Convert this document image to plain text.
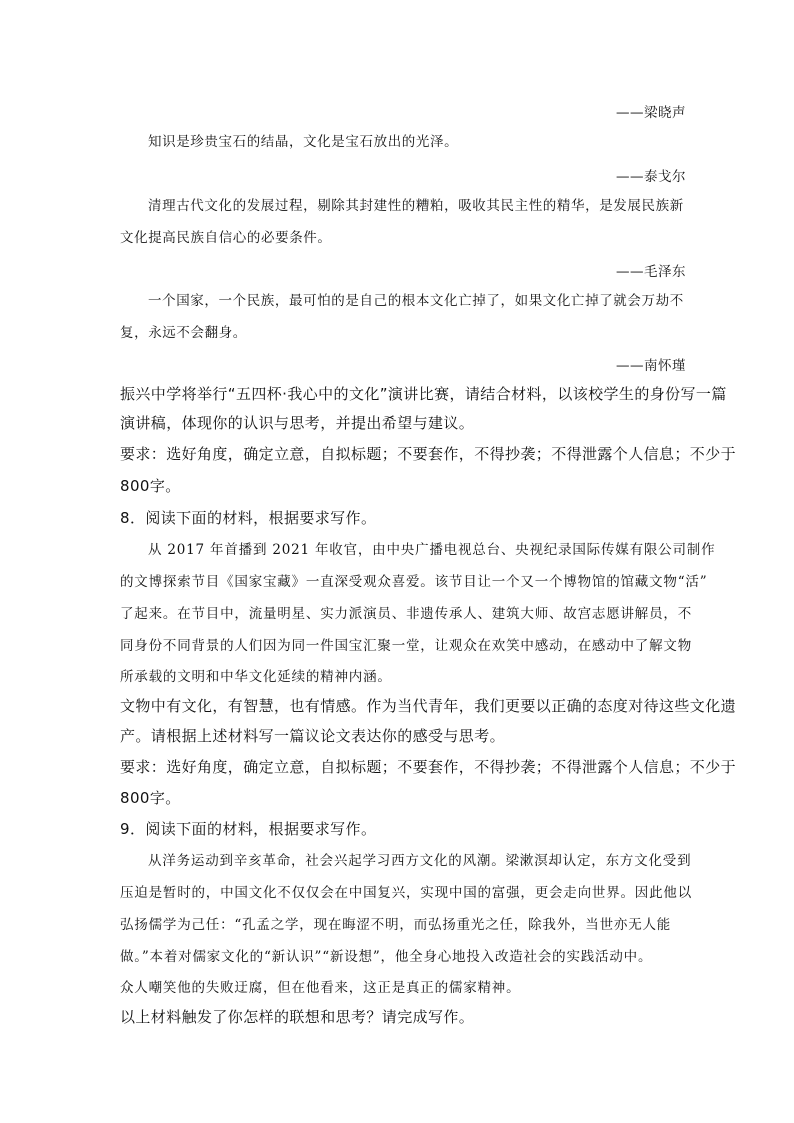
——梁晓声

知识是珍贵宝石的结晶，文化是宝石放出的光泽。

——泰戈尔

清理古代文化的发展过程，剔除其封建性的糟粕，吸收其民主性的精华，是发展民族新

文化提高民族自信心的必要条件。

——毛泽东

一个国家，一个民族，最可怕的是自己的根本文化亡掉了，如果文化亡掉了就会万劫不

复，永远不会翻身。

——南怀瑾

振兴中学将举行“五四杯·我心中的文化”演讲比赛，请结合材料，以该校学生的身份写一篇

演讲稿，体现你的认识与思考，并提出希望与建议。

要求：选好角度，确定立意，自拟标题；不要套作，不得抄袭；不得泄露个人信息；不少于

800字。

8．阅读下面的材料，根据要求写作。

从 2017 年首播到 2021 年收官，由中央广播电视总台、央视纪录国际传媒有限公司制作

的文博探索节目《国家宝藏》一直深受观众喜爱。该节目让一个又一个博物馆的馆藏文物“活”

了起来。在节目中，流量明星、实力派演员、非遗传承人、建筑大师、故宫志愿讲解员，不

同身份不同背景的人们因为同一件国宝汇聚一堂，让观众在欢笑中感动，在感动中了解文物

所承载的文明和中华文化延续的精神内涵。

文物中有文化，有智慧，也有情感。作为当代青年，我们更要以正确的态度对待这些文化遗

产。请根据上述材料写一篇议论文表达你的感受与思考。

要求：选好角度，确定立意，自拟标题；不要套作，不得抄袭；不得泄露个人信息；不少于

800字。

9．阅读下面的材料，根据要求写作。

从洋务运动到辛亥革命，社会兴起学习西方文化的风潮。梁漱溟却认定，东方文化受到

压迫是暂时的，中国文化不仅仅会在中国复兴，实现中国的富强，更会走向世界。因此他以

弘扬儒学为己任：“孔孟之学，现在晦涩不明，而弘扬重光之任，除我外，当世亦无人能

做。”本着对儒家文化的“新认识”“新设想”，他全身心地投入改造社会的实践活动中。

众人嘲笑他的失败迂腐，但在他看来，这正是真正的儒家精神。

以上材料触发了你怎样的联想和思考？请完成写作。
